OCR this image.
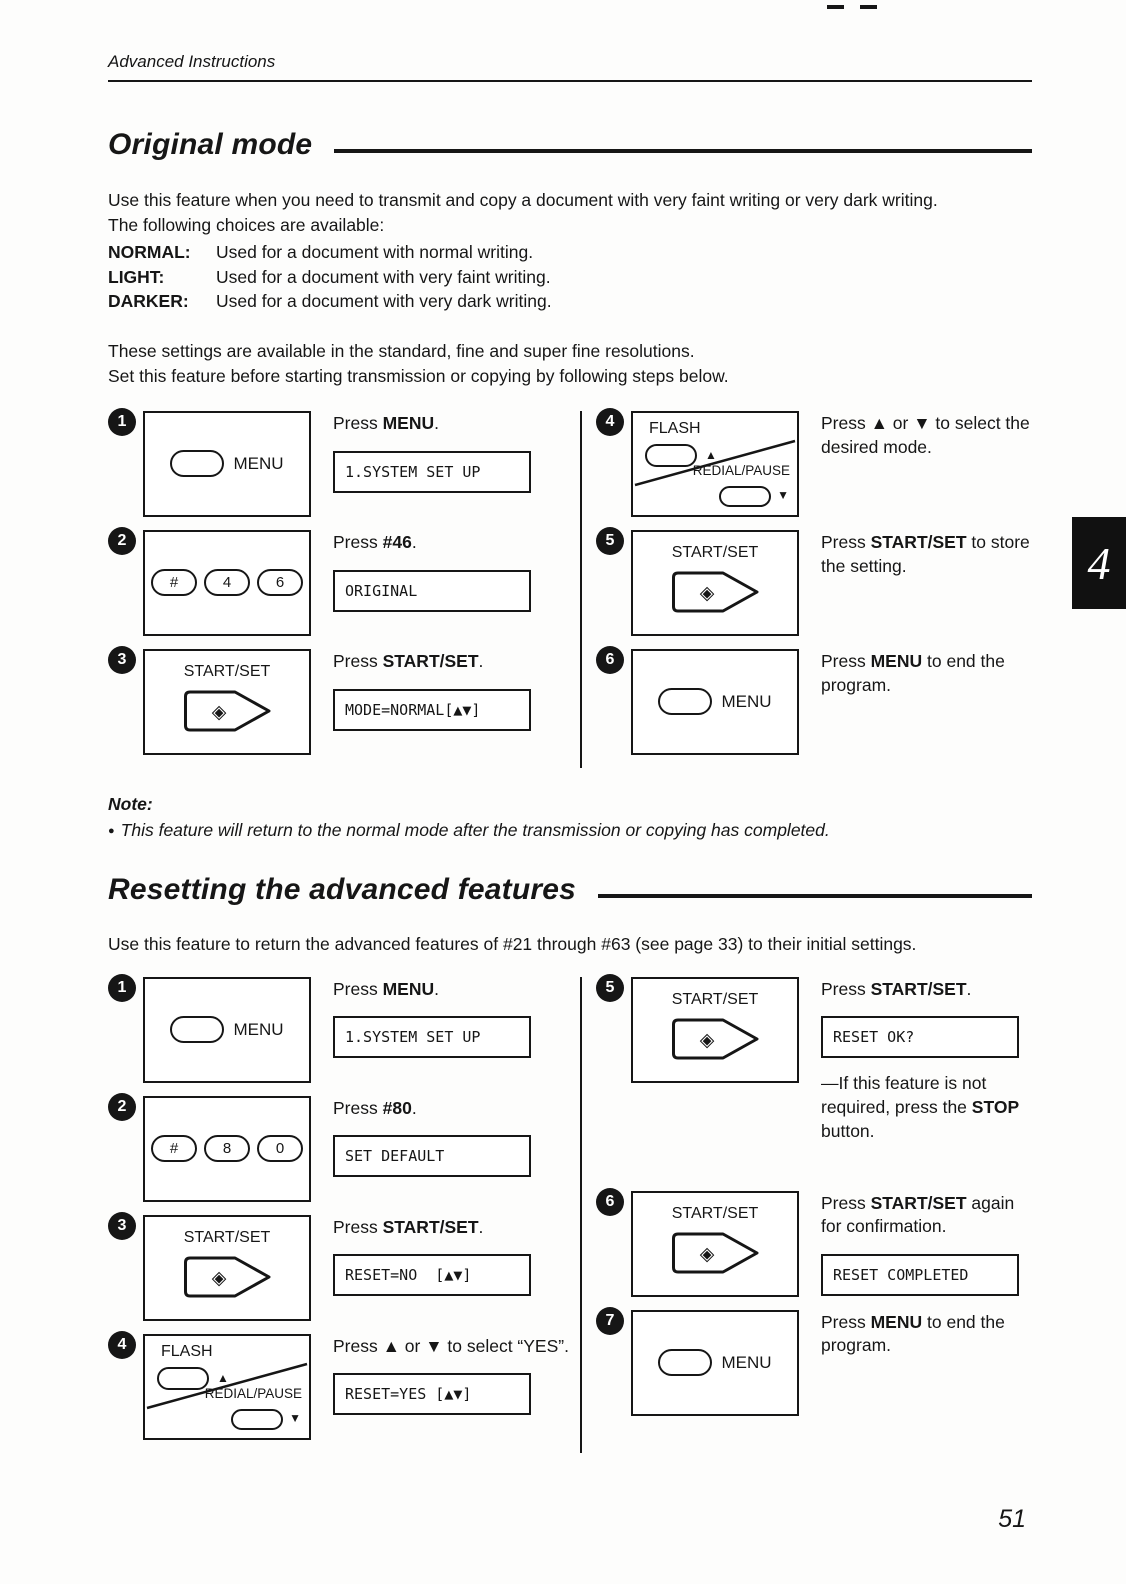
Advanced Instructions
Original mode
Use this feature when you need to transmit and copy a document with very faint writing or very dark writing.
The following choices are available:
NORMAL:	Used for a document with normal writing.
LIGHT:	Used for a document with very faint writing.
DARKER:	Used for a document with very dark writing.
These settings are available in the standard, fine and super fine resolutions.
Set this feature before starting transmission or copying by following steps below.
1
MENU

Press MENU.

1.SYSTEM SET UP
2
#	4	6

Press #46.

ORIGINAL
3
START/SET
◈

Press START/SET.

MODE=NORMAL[▲▼]
4	FLASH
▲
REDIAL/PAUSE
▼

Press ▲ or ▼ to select the desired mode.

5
START/SET
◈

Press START/SET to store the setting.

6
MENU

Press MENU to end the program.

Note:

● This feature will return to the normal mode after the transmission or copying has completed.

Resetting the advanced features
Use this feature to return the advanced features of #21 through #63 (see page 33) to their initial settings.
1
MENU

Press MENU.

1.SYSTEM SET UP
2
#	8	0

Press #80.

SET DEFAULT
3
START/SET
◈

Press START/SET.

RESET=NO  [▲▼]
4	FLASH
▲
REDIAL/PAUSE
▼

Press ▲ or ▼ to select “YES”.

RESET=YES [▲▼]
5
START/SET
◈

Press START/SET.

RESET OK?

—If this feature is not required, press the STOP button.

6
START/SET
◈

Press START/SET again for confirmation.

RESET COMPLETED
7
MENU

Press MENU to end the program.

4
51
